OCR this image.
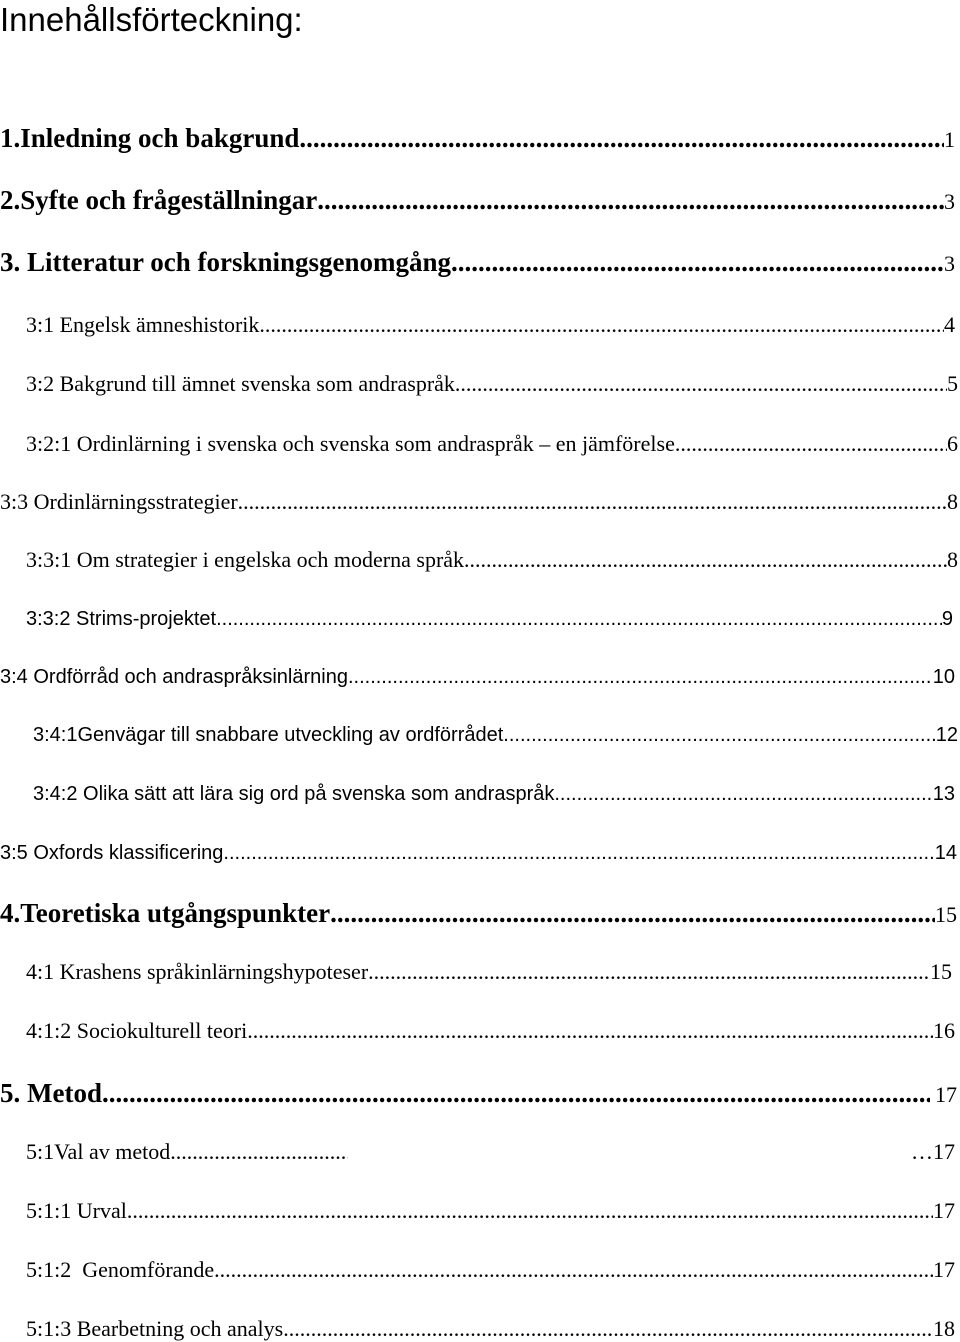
Innehållsförteckning:
1.Inledning och bakgrund .....	1
2.Syfte och frågeställningar .....	3
3. Litteratur och forskningsgenomgång .....	3
3:1 Engelsk ämneshistorik .....	4
3:2 Bakgrund till ämnet svenska som andraspråk .....	5
3:2:1 Ordinlärning i svenska och svenska som andraspråk – en jämförelse .....	6
3:3 Ordinlärningsstrategier .....	8
3:3:1 Om strategier i engelska och moderna språk .....	8
3:3:2 Strims-projektet .....	9
3:4 Ordförråd och andraspråksinlärning .....	10
3:4:1Genvägar till snabbare utveckling av ordförrådet .....	12
3:4:2 Olika sätt att lära sig ord på svenska som andraspråk .....	13
3:5 Oxfords klassificering .....	14
4.Teoretiska utgångspunkter .....	15
4:1 Krashens språkinlärningshypoteser .....	15
4:1:2 Sociokulturell teori .....	16
5. Metod. .....	17
5:1Val av metod .....	…17
5:1:1 Urval .....	17
5:1:2  Genomförande .....	17
5:1:3 Bearbetning och analys .....	18
